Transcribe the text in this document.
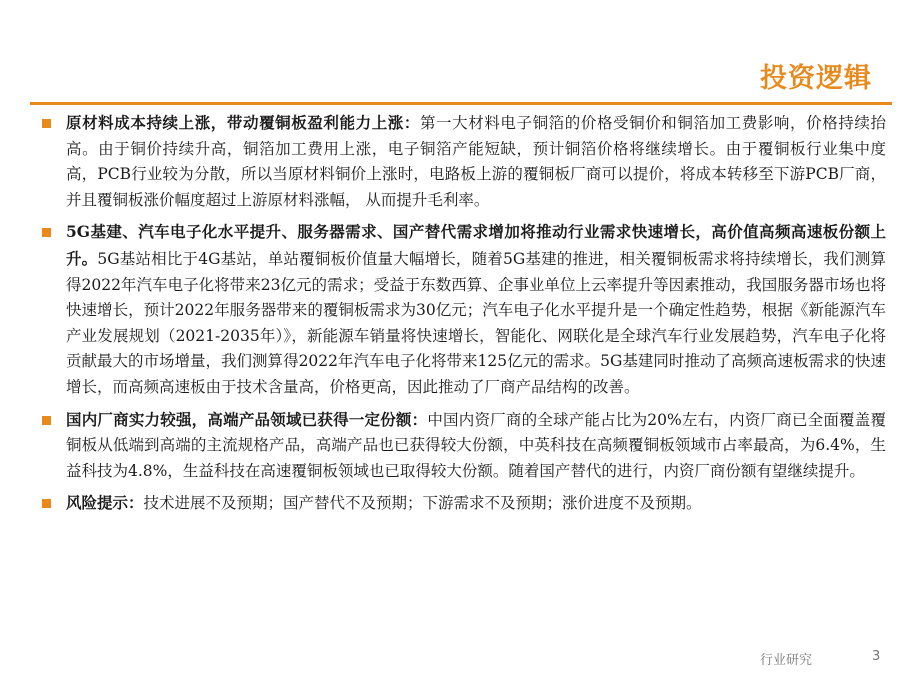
投资逻辑
原材料成本持续上涨，带动覆铜板盈利能力上涨：第一大材料电子铜箔的价格受铜价和铜箔加工费影响，价格持续抬高。由于铜价持续升高，铜箔加工费用上涨，电子铜箔产能短缺，预计铜箔价格将继续增长。由于覆铜板行业集中度高，PCB行业较为分散，所以当原材料铜价上涨时，电路板上游的覆铜板厂商可以提价，将成本转移至下游PCB厂商，并且覆铜板涨价幅度超过上游原材料涨幅， 从而提升毛利率。
5G基建、汽车电子化水平提升、服务器需求、国产替代需求增加将推动行业需求快速增长，高价值高频高速板份额上升。5G基站相比于4G基站，单站覆铜板价值量大幅增长，随着5G基建的推进，相关覆铜板需求将持续增长，我们测算得2022年汽车电子化将带来23亿元的需求；受益于东数西算、企事业单位上云率提升等因素推动，我国服务器市场也将快速增长，预计2022年服务器带来的覆铜板需求为30亿元；汽车电子化水平提升是一个确定性趋势，根据《新能源汽车产业发展规划（2021-2035年）》，新能源车销量将快速增长，智能化、网联化是全球汽车行业发展趋势，汽车电子化将贡献最大的市场增量，我们测算得2022年汽车电子化将带来125亿元的需求。5G基建同时推动了高频高速板需求的快速增长，而高频高速板由于技术含量高，价格更高，因此推动了厂商产品结构的改善。
国内厂商实力较强，高端产品领域已获得一定份额：中国内资厂商的全球产能占比为20%左右，内资厂商已全面覆盖覆铜板从低端到高端的主流规格产品，高端产品也已获得较大份额，中英科技在高频覆铜板领域市占率最高，为6.4%，生益科技为4.8%，生益科技在高速覆铜板领域也已取得较大份额。随着国产替代的进行，内资厂商份额有望继续提升。
风险提示：技术进展不及预期；国产替代不及预期；下游需求不及预期；涨价进度不及预期。
行业研究	3
